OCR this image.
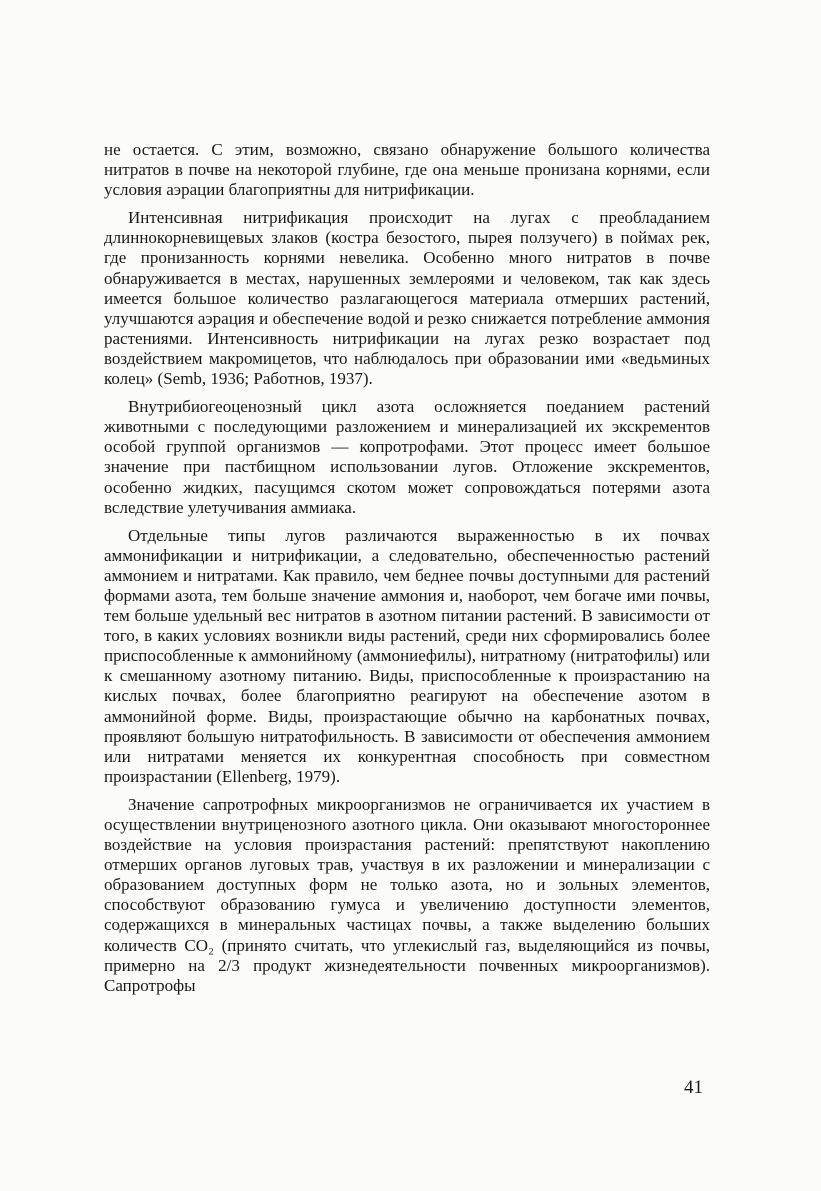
не остается. С этим, возможно, связано обнаружение большого количества нитратов в почве на некоторой глубине, где она меньше пронизана корнями, если условия аэрации благоприятны для нитрификации.

Интенсивная нитрификация происходит на лугах с преобладанием длиннокорневищевых злаков (костра безостого, пырея ползучего) в поймах рек, где пронизанность корнями невелика. Особенно много нитратов в почве обнаруживается в местах, нарушенных землероями и человеком, так как здесь имеется большое количество разлагающегося материала отмерших растений, улучшаются аэрация и обеспечение водой и резко снижается потребление аммония растениями. Интенсивность нитрификации на лугах резко возрастает под воздействием макромицетов, что наблюдалось при образовании ими «ведьминых колец» (Semb, 1936; Работнов, 1937).

Внутрибиогеоценозный цикл азота осложняется поеданием растений животными с последующими разложением и минерализацией их экскрементов особой группой организмов — копротрофами. Этот процесс имеет большое значение при пастбищном использовании лугов. Отложение экскрементов, особенно жидких, пасущимся скотом может сопровождаться потерями азота вследствие улетучивания аммиака.

Отдельные типы лугов различаются выраженностью в их почвах аммонификации и нитрификации, а следовательно, обеспеченностью растений аммонием и нитратами. Как правило, чем беднее почвы доступными для растений формами азота, тем больше значение аммония и, наоборот, чем богаче ими почвы, тем больше удельный вес нитратов в азотном питании растений. В зависимости от того, в каких условиях возникли виды растений, среди них сформировались более приспособленные к аммонийному (аммониефилы), нитратному (нитратофилы) или к смешанному азотному питанию. Виды, приспособленные к произрастанию на кислых почвах, более благоприятно реагируют на обеспечение азотом в аммонийной форме. Виды, произрастающие обычно на карбонатных почвах, проявляют большую нитратофильность. В зависимости от обеспечения аммонием или нитратами меняется их конкурентная способность при совместном произрастании (Ellenberg, 1979).

Значение сапротрофных микроорганизмов не ограничивается их участием в осуществлении внутриценозного азотного цикла. Они оказывают многостороннее воздействие на условия произрастания растений: препятствуют накоплению отмерших органов луговых трав, участвуя в их разложении и минерализации с образованием доступных форм не только азота, но и зольных элементов, способствуют образованию гумуса и увеличению доступности элементов, содержащихся в минеральных частицах почвы, а также выделению больших количеств CO₂ (принято считать, что углекислый газ, выделяющийся из почвы, примерно на 2/3 продукт жизнедеятельности почвенных микроорганизмов). Сапротрофы

41
